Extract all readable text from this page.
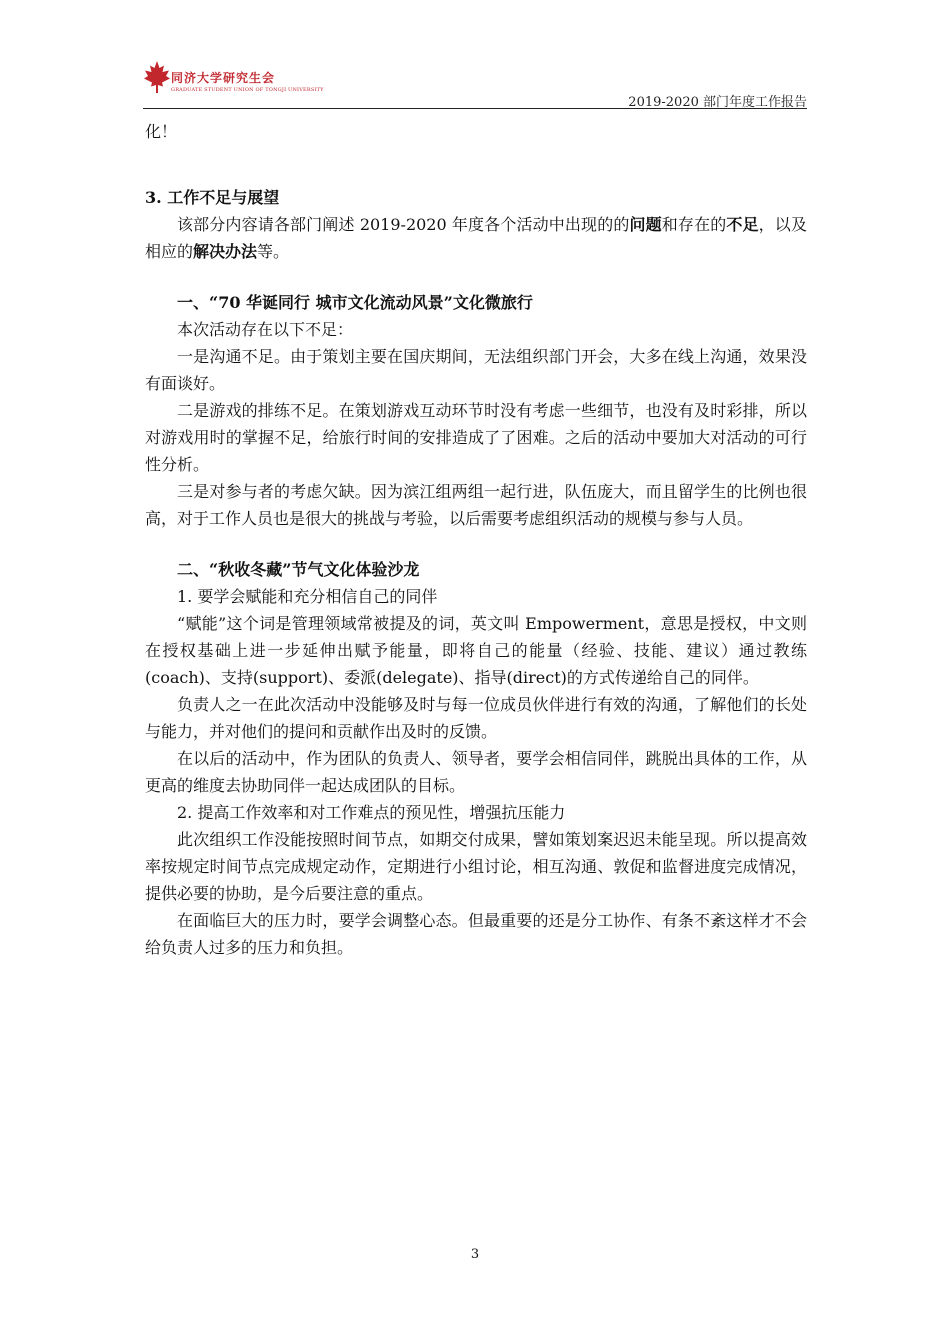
同济大学研究生会
GRADUATE STUDENT UNION OF TONGJI UNIVERSITY
2019-2020 部门年度工作报告

化！

3. 工作不足与展望

该部分内容请各部门阐述 2019-2020 年度各个活动中出现的的问题和存在的不足，以及相应的解决办法等。

一、“70 华诞同行 城市文化流动风景”文化微旅行

本次活动存在以下不足：

一是沟通不足。由于策划主要在国庆期间，无法组织部门开会，大多在线上沟通，效果没有面谈好。

二是游戏的排练不足。在策划游戏互动环节时没有考虑一些细节，也没有及时彩排，所以对游戏用时的掌握不足，给旅行时间的安排造成了了困难。之后的活动中要加大对活动的可行性分析。

三是对参与者的考虑欠缺。因为滨江组两组一起行进，队伍庞大，而且留学生的比例也很高，对于工作人员也是很大的挑战与考验，以后需要考虑组织活动的规模与参与人员。

二、“秋收冬藏”节气文化体验沙龙

1. 要学会赋能和充分相信自己的同伴

“赋能”这个词是管理领域常被提及的词，英文叫 Empowerment，意思是授权，中文则在授权基础上进一步延伸出赋予能量，即将自己的能量（经验、技能、建议）通过教练(coach)、支持(support)、委派(delegate)、指导(direct)的方式传递给自己的同伴。

负责人之一在此次活动中没能够及时与每一位成员伙伴进行有效的沟通，了解他们的长处与能力，并对他们的提问和贡献作出及时的反馈。

在以后的活动中，作为团队的负责人、领导者，要学会相信同伴，跳脱出具体的工作，从更高的维度去协助同伴一起达成团队的目标。

2. 提高工作效率和对工作难点的预见性，增强抗压能力

此次组织工作没能按照时间节点，如期交付成果，譬如策划案迟迟未能呈现。所以提高效率按规定时间节点完成规定动作，定期进行小组讨论，相互沟通、敦促和监督进度完成情况，提供必要的协助，是今后要注意的重点。

在面临巨大的压力时，要学会调整心态。但最重要的还是分工协作、有条不紊这样才不会给负责人过多的压力和负担。

3
